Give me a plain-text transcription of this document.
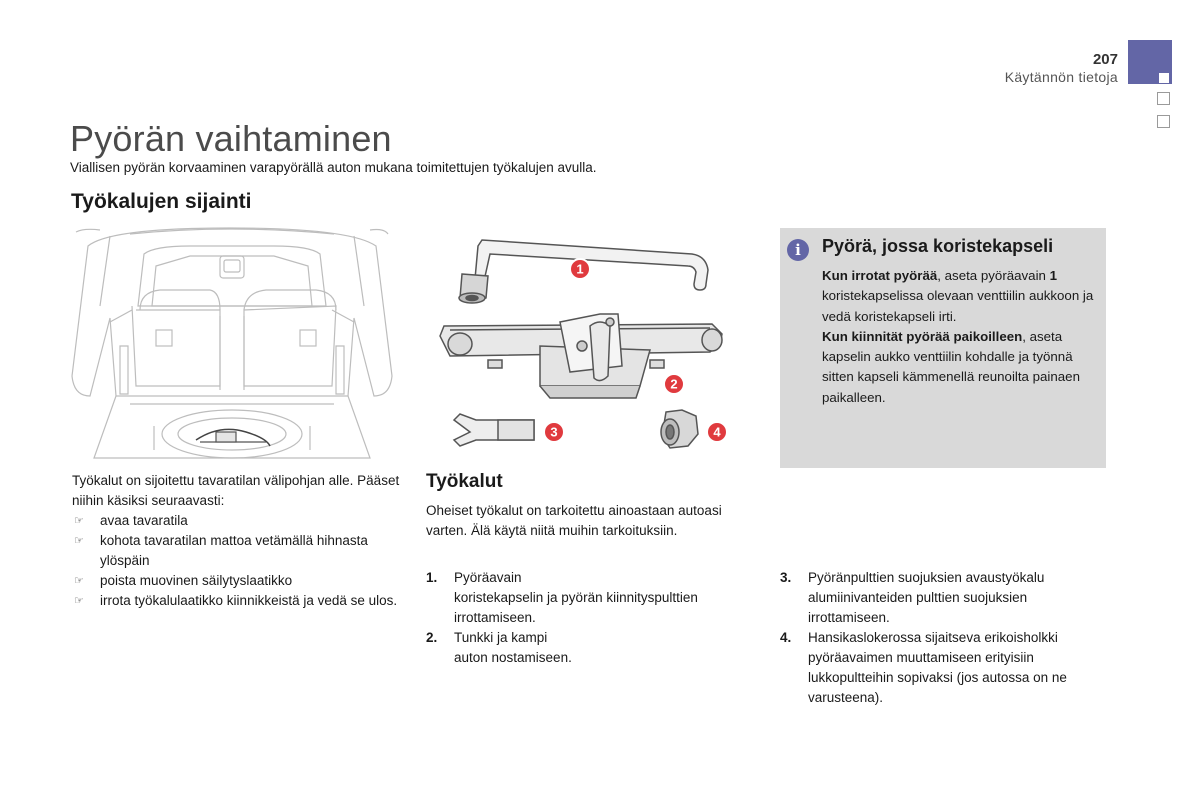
207
Käytännön tietoja
Pyörän vaihtaminen
Viallisen pyörän korvaaminen varapyörällä auton mukana toimitettujen työkalujen avulla.
Työkalujen sijainti
1
2
3	4
i	Pyörä, jossa koristekapseli
Kun irrotat pyörää, aseta pyöräavain 1 koristekapselissa olevaan venttiilin aukkoon ja vedä koristekapseli irti.
Kun kiinnität pyörää paikoilleen, aseta kapselin aukko venttiilin kohdalle ja työnnä sitten kapseli kämmenellä reunoilta painaen paikalleen.
Työkalut on sijoitettu tavaratilan välipohjan alle. Pääset niihin käsiksi seuraavasti:
☞ avaa tavaratila
☞ kohota tavaratilan mattoa vetämällä hihnasta ylöspäin
☞ poista muovinen säilytyslaatikko
☞ irrota työkalulaatikko kiinnikkeistä ja vedä se ulos.
Työkalut
Oheiset työkalut on tarkoitettu ainoastaan autoasi varten. Älä käytä niitä muihin tarkoituksiin.
1. Pyöräavain
koristekapselin ja pyörän kiinnityspulttien irrottamiseen.
2. Tunkki ja kampi
auton nostamiseen.
3. Pyöränpulttien suojuksien avaustyökalu
alumiinivanteiden pulttien suojuksien irrottamiseen.
4. Hansikaslokerossa sijaitseva erikoisholkki
pyöräavaimen muuttamiseen erityisiin lukkopultteihin sopivaksi (jos autossa on ne varusteena).
